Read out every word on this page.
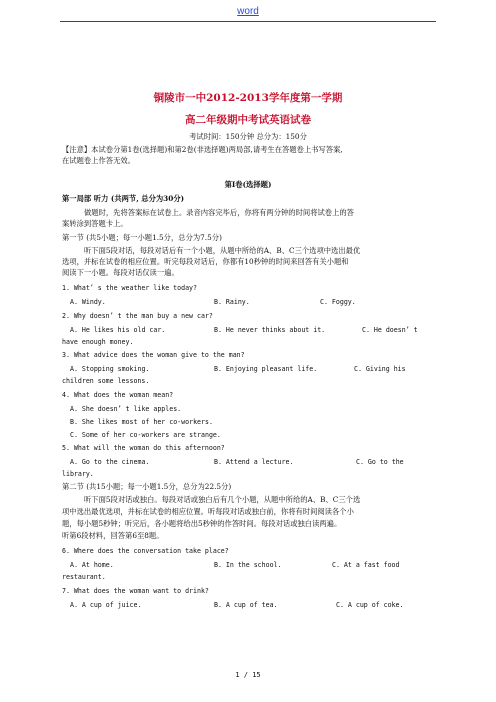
word
铜陵市一中2012-2013学年度第一学期
高二年级期中考试英语试卷
考试时间：150分钟 总分为：150分
【注意】本试卷分第1卷(选择题)和第2卷(非选择题)两局部,请考生在答题卷上书写答案,
在试题卷上作答无效。
第I卷(选择题)
第一局部 听力 (共两节, 总分为30分)
做题时，先将答案标在试卷上。录音内容完毕后，你将有两分钟的时间将试卷上的答
案转涂到答题卡上。
第一节 (共5小题；每一小题1.5分，总分为7.5分)
听下面5段对话，每段对话后有一个小题，从题中所给的A、B、C三个选项中选出最优
选项，并标在试卷的相应位置。听完每段对话后，你都有10秒钟的时间来回答有关小题和
阅读下一小题。每段对话仅读一遍。
1. What’ s the weather like today?
A. Windy.	B. Rainy.	C. Foggy.
2. Why doesn’ t the man buy a new car?
A. He likes his old car.	B. He never thinks about it.	C. He doesn’ t
have enough money.
3. What advice does the woman give to the man?
A. Stopping smoking.	B. Enjoying pleasant life.	C. Giving his
children some lessons.
4. What does the woman mean?
A. She doesn’ t like apples.
B. She likes most of her co-workers.
C. Some of her co-workers are strange.
5. What will the woman do this afternoon?
A. Go to the cinema.	B. Attend a lecture.	C. Go to the
library.
第二节 (共15小题；每一小题1.5分，总分为22.5分)
听下面5段对话或独白。每段对话或独白后有几个小题，从题中所给的A、B、C三个选
项中选出最优选项，并标在试卷的相应位置。听每段对话或独白前，你将有时间阅读各个小
题，每小题5秒钟；听完后，各小题将给出5秒钟的作答时间。每段对话或独白读两遍。
听第6段材料，回答第6至8题。
6. Where does the conversation take place?
A. At home.	B. In the school.	C. At a fast food
restaurant.
7. What does the woman want to drink?
A. A cup of juice.	B. A cup of tea.	C. A cup of coke.
1 / 15
